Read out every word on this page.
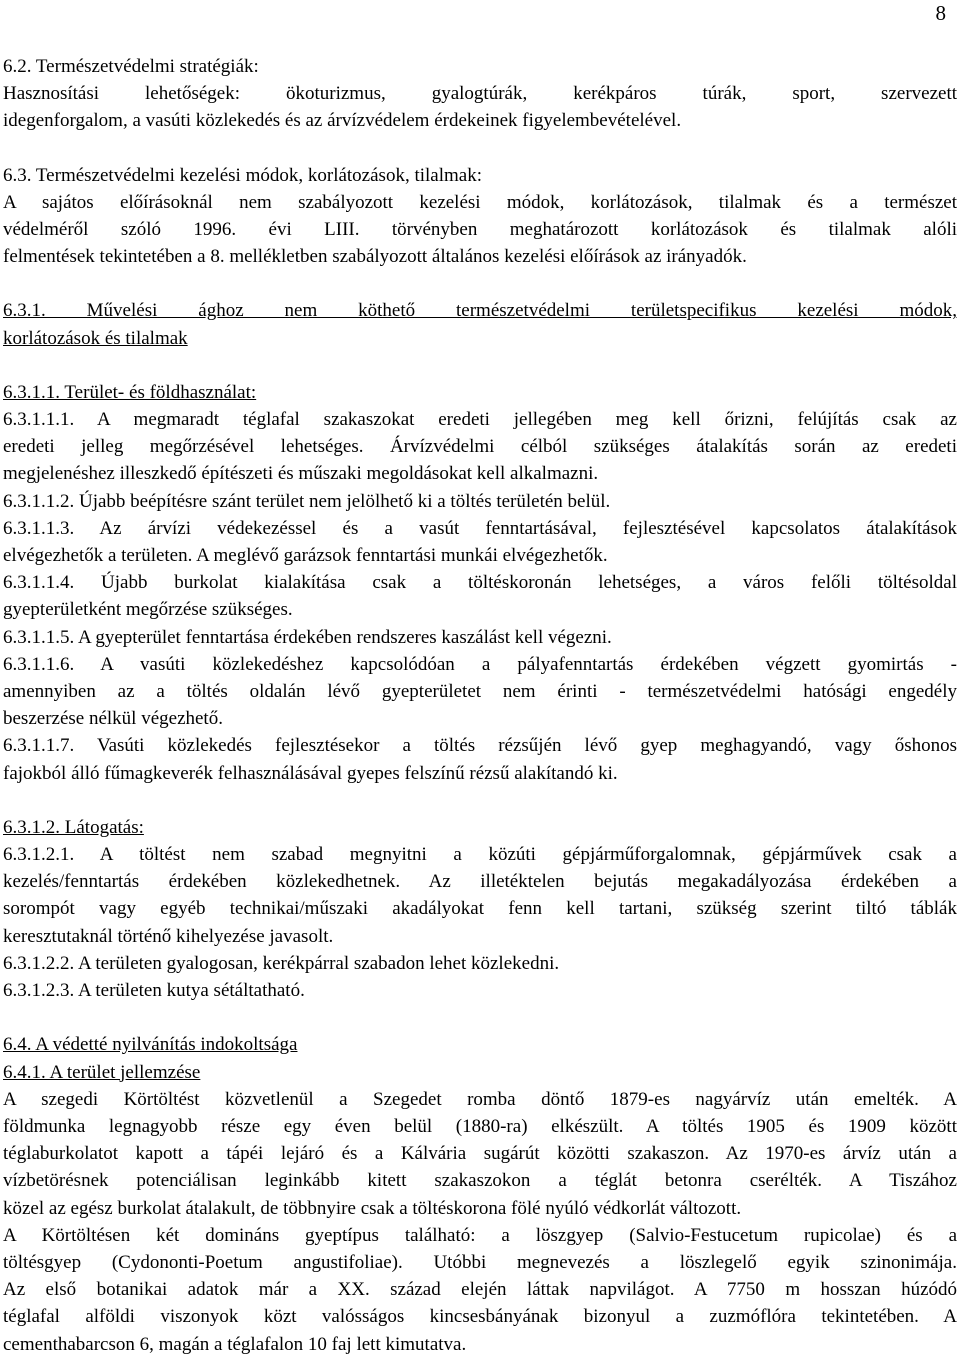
8

6.2. Természetvédelmi stratégiák:

Hasznosítási lehetőségek: ökoturizmus, gyalogtúrák, kerékpáros túrák, sport, szervezett

idegenforgalom, a vasúti közlekedés és az árvízvédelem érdekeinek figyelembevételével.

6.3. Természetvédelmi kezelési módok, korlátozások, tilalmak:

A sajátos előírásoknál nem szabályozott kezelési módok, korlátozások, tilalmak és a természet

védelméről szóló 1996. évi LIII. törvényben meghatározott korlátozások és tilalmak alóli

felmentések tekintetében a 8. mellékletben szabályozott általános kezelési előírások az irányadók.

6.3.1. Művelési ághoz nem köthető természetvédelmi területspecifikus kezelési módok,

korlátozások és tilalmak

6.3.1.1. Terület- és földhasználat:

6.3.1.1.1. A megmaradt téglafal szakaszokat eredeti jellegében meg kell őrizni, felújítás csak az

eredeti jelleg megőrzésével lehetséges. Árvízvédelmi célból szükséges átalakítás során az eredeti

megjelenéshez illeszkedő építészeti és műszaki megoldásokat kell alkalmazni.

6.3.1.1.2. Újabb beépítésre szánt terület nem jelölhető ki a töltés területén belül.

6.3.1.1.3. Az árvízi védekezéssel és a vasút fenntartásával, fejlesztésével kapcsolatos átalakítások

elvégezhetők a területen. A meglévő garázsok fenntartási munkái elvégezhetők.

6.3.1.1.4. Újabb burkolat kialakítása csak a töltéskoronán lehetséges, a város felőli töltésoldal

gyepterületként megőrzése szükséges.

6.3.1.1.5. A gyepterület fenntartása érdekében rendszeres kaszálást kell végezni.

6.3.1.1.6. A vasúti közlekedéshez kapcsolódóan a pályafenntartás érdekében végzett gyomirtás -

amennyiben az a töltés oldalán lévő gyepterületet nem érinti - természetvédelmi hatósági engedély

beszerzése nélkül végezhető.

6.3.1.1.7. Vasúti közlekedés fejlesztésekor a töltés rézsűjén lévő gyep meghagyandó, vagy őshonos

fajokból álló fűmagkeverék felhasználásával gyepes felszínű rézsű alakítandó ki.

6.3.1.2. Látogatás:

6.3.1.2.1. A töltést nem szabad megnyitni a közúti gépjárműforgalomnak, gépjárművek csak a

kezelés/fenntartás érdekében közlekedhetnek. Az illetéktelen bejutás megakadályozása érdekében a

sorompót vagy egyéb technikai/műszaki akadályokat fenn kell tartani, szükség szerint tiltó táblák

keresztutaknál történő kihelyezése javasolt.

6.3.1.2.2. A területen gyalogosan, kerékpárral szabadon lehet közlekedni.

6.3.1.2.3. A területen kutya sétáltatható.

6.4. A védetté nyilvánítás indokoltsága

6.4.1. A terület jellemzése

A szegedi Körtöltést közvetlenül a Szegedet romba döntő 1879-es nagyárvíz után emelték. A

földmunka legnagyobb része egy éven belül (1880-ra) elkészült. A töltés 1905 és 1909 között

téglaburkolatot kapott a tápéi lejáró és a Kálvária sugárút közötti szakaszon. Az 1970-es árvíz után a

vízbetörésnek potenciálisan leginkább kitett szakaszokon a téglát betonra cserélték. A Tiszához

közel az egész burkolat átalakult, de többnyire csak a töltéskorona fölé nyúló védkorlát változott.

A Körtöltésen két domináns gyeptípus található: a löszgyep (Salvio-Festucetum rupicolae) és a

töltésgyep (Cydononti-Poetum angustifoliae). Utóbbi megnevezés a löszlegelő egyik szinonimája.

Az első botanikai adatok már a XX. század elején láttak napvilágot. A 7750 m hosszan húzódó

téglafal alföldi viszonyok közt valósságos kincsesbányának bizonyul a zuzmóflóra tekintetében. A

cementhabarcson 6, magán a téglafalon 10 faj lett kimutatva.
